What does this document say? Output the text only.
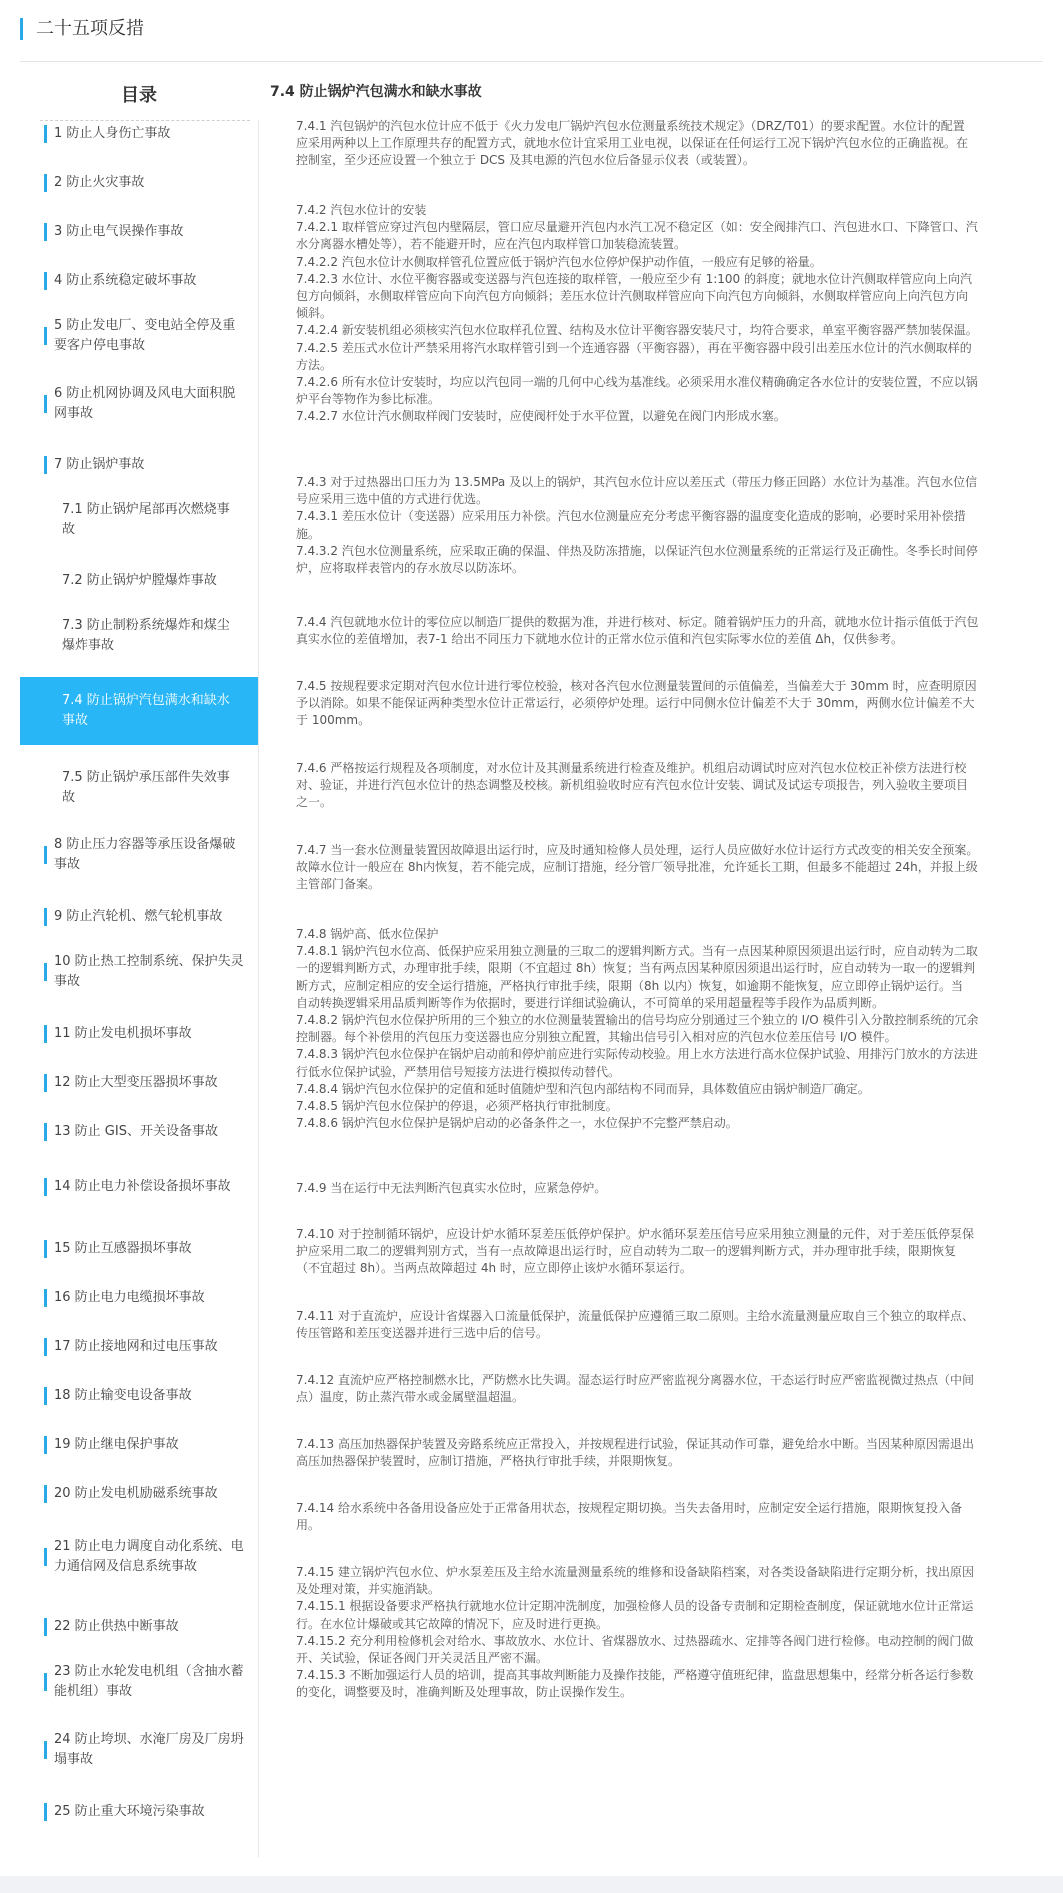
二十五项反措
目录
1 防止人身伤亡事故
2 防止火灾事故
3 防止电气误操作事故
4 防止系统稳定破坏事故
5 防止发电厂、变电站全停及重要客户停电事故
6 防止机网协调及风电大面积脱网事故
7 防止锅炉事故
7.1 防止锅炉尾部再次燃烧事故
7.2 防止锅炉炉膛爆炸事故
7.3 防止制粉系统爆炸和煤尘爆炸事故
7.4 防止锅炉汽包满水和缺水事故
7.5 防止锅炉承压部件失效事故
8 防止压力容器等承压设备爆破事故
9 防止汽轮机、燃气轮机事故
10 防止热工控制系统、保护失灵事故
11 防止发电机损坏事故
12 防止大型变压器损坏事故
13 防止 GIS、开关设备事故
14 防止电力补偿设备损坏事故
15 防止互感器损坏事故
16 防止电力电缆损坏事故
17 防止接地网和过电压事故
18 防止输变电设备事故
19 防止继电保护事故
20 防止发电机励磁系统事故
21 防止电力调度自动化系统、电力通信网及信息系统事故
22 防止供热中断事故
23 防止水轮发电机组（含抽水蓄能机组）事故
24 防止垮坝、水淹厂房及厂房坍塌事故
25 防止重大环境污染事故
7.4 防止锅炉汽包满水和缺水事故
7.4.1 汽包锅炉的汽包水位计应不低于《火力发电厂锅炉汽包水位测量系统技术规定》（DRZ/T01）的要求配置。水位计的配置
应采用两种以上工作原理共存的配置方式，就地水位计宜采用工业电视，以保证在任何运行工况下锅炉汽包水位的正确监视。在
控制室，至少还应设置一个独立于 DCS 及其电源的汽包水位后备显示仪表（或装置）。
7.4.2 汽包水位计的安装
7.4.2.1 取样管应穿过汽包内壁隔层，管口应尽量避开汽包内水汽工况不稳定区（如：安全阀排汽口、汽包进水口、下降管口、汽
水分离器水槽处等），若不能避开时，应在汽包内取样管口加装稳流装置。
7.4.2.2 汽包水位计水侧取样管孔位置应低于锅炉汽包水位停炉保护动作值，一般应有足够的裕量。
7.4.2.3 水位计、水位平衡容器或变送器与汽包连接的取样管，一般应至少有 1:100 的斜度；就地水位计汽侧取样管应向上向汽
包方向倾斜，水侧取样管应向下向汽包方向倾斜；差压水位计汽侧取样管应向下向汽包方向倾斜，水侧取样管应向上向汽包方向
倾斜。
7.4.2.4 新安装机组必须核实汽包水位取样孔位置、结构及水位计平衡容器安装尺寸，均符合要求，单室平衡容器严禁加装保温。
7.4.2.5 差压式水位计严禁采用将汽水取样管引到一个连通容器（平衡容器），再在平衡容器中段引出差压水位计的汽水侧取样的
方法。
7.4.2.6 所有水位计安装时，均应以汽包同一端的几何中心线为基准线。必须采用水准仪精确确定各水位计的安装位置，不应以锅
炉平台等物作为参比标准。
7.4.2.7 水位计汽水侧取样阀门安装时，应使阀杆处于水平位置，以避免在阀门内形成水塞。
7.4.3 对于过热器出口压力为 13.5MPa 及以上的锅炉，其汽包水位计应以差压式（带压力修正回路）水位计为基准。汽包水位信
号应采用三选中值的方式进行优选。
7.4.3.1 差压水位计（变送器）应采用压力补偿。汽包水位测量应充分考虑平衡容器的温度变化造成的影响，必要时采用补偿措
施。
7.4.3.2 汽包水位测量系统，应采取正确的保温、伴热及防冻措施，以保证汽包水位测量系统的正常运行及正确性。冬季长时间停
炉，应将取样表管内的存水放尽以防冻坏。
7.4.4 汽包就地水位计的零位应以制造厂提供的数据为准，并进行核对、标定。随着锅炉压力的升高，就地水位计指示值低于汽包
真实水位的差值增加，表7-1 给出不同压力下就地水位计的正常水位示值和汽包实际零水位的差值 Δh，仅供参考。
7.4.5 按规程要求定期对汽包水位计进行零位校验，核对各汽包水位测量装置间的示值偏差，当偏差大于 30mm 时，应查明原因
予以消除。如果不能保证两种类型水位计正常运行，必须停炉处理。运行中同侧水位计偏差不大于 30mm，两侧水位计偏差不大
于 100mm。
7.4.6 严格按运行规程及各项制度，对水位计及其测量系统进行检查及维护。机组启动调试时应对汽包水位校正补偿方法进行校
对、验证，并进行汽包水位计的热态调整及校核。新机组验收时应有汽包水位计安装、调试及试运专项报告，列入验收主要项目
之一。
7.4.7 当一套水位测量装置因故障退出运行时，应及时通知检修人员处理，运行人员应做好水位计运行方式改变的相关安全预案。
故障水位计一般应在 8h内恢复，若不能完成，应制订措施，经分管厂领导批准，允许延长工期，但最多不能超过 24h，并报上级
主管部门备案。
7.4.8 锅炉高、低水位保护
7.4.8.1 锅炉汽包水位高、低保护应采用独立测量的三取二的逻辑判断方式。当有一点因某种原因须退出运行时，应自动转为二取
一的逻辑判断方式，办理审批手续，限期（不宜超过 8h）恢复；当有两点因某种原因须退出运行时，应自动转为一取一的逻辑判
断方式，应制定相应的安全运行措施，严格执行审批手续，限期（8h 以内）恢复，如逾期不能恢复，应立即停止锅炉运行。当
自动转换逻辑采用品质判断等作为依据时，要进行详细试验确认，不可简单的采用超量程等手段作为品质判断。
7.4.8.2 锅炉汽包水位保护所用的三个独立的水位测量装置输出的信号均应分别通过三个独立的 I/O 模件引入分散控制系统的冗余
控制器。每个补偿用的汽包压力变送器也应分别独立配置，其输出信号引入相对应的汽包水位差压信号 I/O 模件。
7.4.8.3 锅炉汽包水位保护在锅炉启动前和停炉前应进行实际传动校验。用上水方法进行高水位保护试验、用排污门放水的方法进
行低水位保护试验，严禁用信号短接方法进行模拟传动替代。
7.4.8.4 锅炉汽包水位保护的定值和延时值随炉型和汽包内部结构不同而异，具体数值应由锅炉制造厂确定。
7.4.8.5 锅炉汽包水位保护的停退，必须严格执行审批制度。
7.4.8.6 锅炉汽包水位保护是锅炉启动的必备条件之一，水位保护不完整严禁启动。
7.4.9 当在运行中无法判断汽包真实水位时，应紧急停炉。
7.4.10 对于控制循环锅炉，应设计炉水循环泵差压低停炉保护。炉水循环泵差压信号应采用独立测量的元件，对于差压低停泵保
护应采用二取二的逻辑判别方式，当有一点故障退出运行时，应自动转为二取一的逻辑判断方式，并办理审批手续，限期恢复
（不宜超过 8h）。当两点故障超过 4h 时，应立即停止该炉水循环泵运行。
7.4.11 对于直流炉，应设计省煤器入口流量低保护，流量低保护应遵循三取二原则。主给水流量测量应取自三个独立的取样点、
传压管路和差压变送器并进行三选中后的信号。
7.4.12 直流炉应严格控制燃水比，严防燃水比失调。湿态运行时应严密监视分离器水位，干态运行时应严密监视微过热点（中间
点）温度，防止蒸汽带水或金属壁温超温。
7.4.13 高压加热器保护装置及旁路系统应正常投入，并按规程进行试验，保证其动作可靠，避免给水中断。当因某种原因需退出
高压加热器保护装置时，应制订措施，严格执行审批手续，并限期恢复。
7.4.14 给水系统中各备用设备应处于正常备用状态，按规程定期切换。当失去备用时，应制定安全运行措施，限期恢复投入备
用。
7.4.15 建立锅炉汽包水位、炉水泵差压及主给水流量测量系统的维修和设备缺陷档案，对各类设备缺陷进行定期分析，找出原因
及处理对策，并实施消缺。
7.4.15.1 根据设备要求严格执行就地水位计定期冲洗制度，加强检修人员的设备专责制和定期检查制度，保证就地水位计正常运
行。在水位计爆破或其它故障的情况下，应及时进行更换。
7.4.15.2 充分利用检修机会对给水、事故放水、水位计、省煤器放水、过热器疏水、定排等各阀门进行检修。电动控制的阀门做
开、关试验，保证各阀门开关灵活且严密不漏。
7.4.15.3 不断加强运行人员的培训，提高其事故判断能力及操作技能，严格遵守值班纪律，监盘思想集中，经常分析各运行参数
的变化，调整要及时，准确判断及处理事故，防止误操作发生。
